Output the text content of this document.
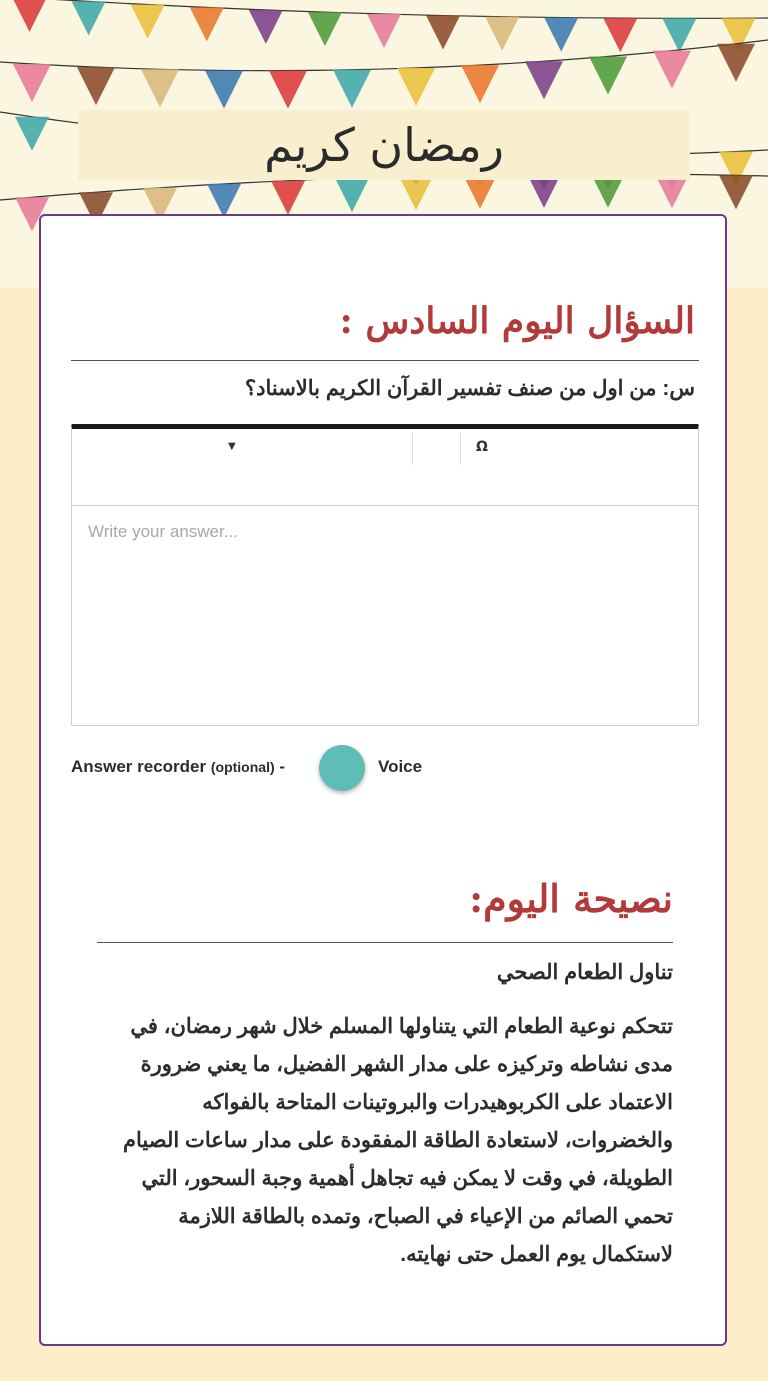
رمضان كريم
السؤال اليوم السادس :
س: من اول من صنف تفسير القرآن الكريم بالاسناد؟
▼	Ω
Write your answer...
Answer recorder (optional) -	Voice
نصيحة اليوم:
تناول الطعام الصحي
تتحكم نوعية الطعام التي يتناولها المسلم خلال شهر رمضان، في مدى نشاطه وتركيزه على مدار الشهر الفضيل، ما يعني ضرورة الاعتماد على الكربوهيدرات والبروتينات المتاحة بالفواكه والخضروات، لاستعادة الطاقة المفقودة على مدار ساعات الصيام الطويلة، في وقت لا يمكن فيه تجاهل أهمية وجبة السحور، التي تحمي الصائم من الإعياء في الصباح، وتمده بالطاقة اللازمة لاستكمال يوم العمل حتى نهايته.
